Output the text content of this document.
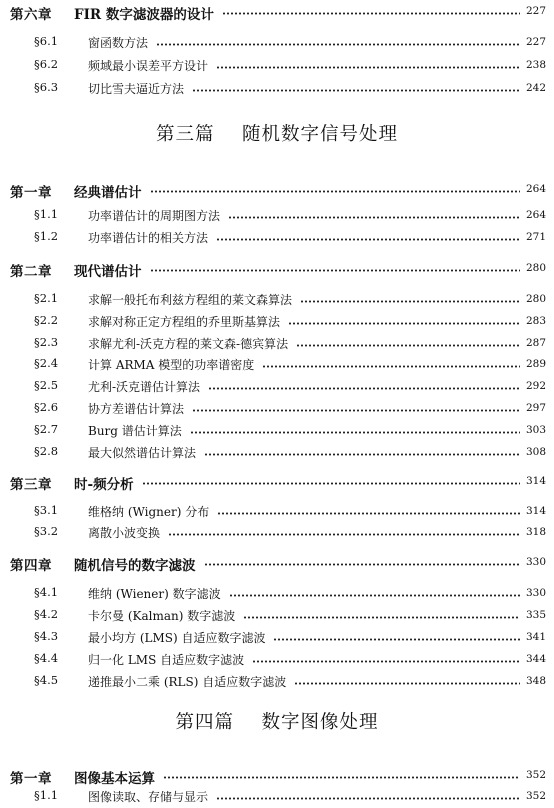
第六章 FIR 数字滤波器的设计	227
§6.1 窗函数方法	227
§6.2 频域最小误差平方设计	238
§6.3 切比雪夫逼近方法	242
第三篇    随机数字信号处理
第一章 经典谱估计	264
§1.1 功率谱估计的周期图方法	264
§1.2 功率谱估计的相关方法	271
第二章 现代谱估计	280
§2.1 求解一般托布利兹方程组的莱文森算法	280
§2.2 求解对称正定方程组的乔里斯基算法	283
§2.3 求解尤利-沃克方程的莱文森-德宾算法	287
§2.4 计算 ARMA 模型的功率谱密度	289
§2.5 尤利-沃克谱估计算法	292
§2.6 协方差谱估计算法	297
§2.7 Burg 谱估计算法	303
§2.8 最大似然谱估计算法	308
第三章 时-频分析	314
§3.1 维格纳 (Wigner) 分布	314
§3.2 离散小波变换	318
第四章 随机信号的数字滤波	330
§4.1 维纳 (Wiener) 数字滤波	330
§4.2 卡尔曼 (Kalman) 数字滤波	335
§4.3 最小均方 (LMS) 自适应数字滤波	341
§4.4 归一化 LMS 自适应数字滤波	344
§4.5 递推最小二乘 (RLS) 自适应数字滤波	348
第四篇    数字图像处理
第一章 图像基本运算	352
§1.1 图像读取、存储与显示	352
